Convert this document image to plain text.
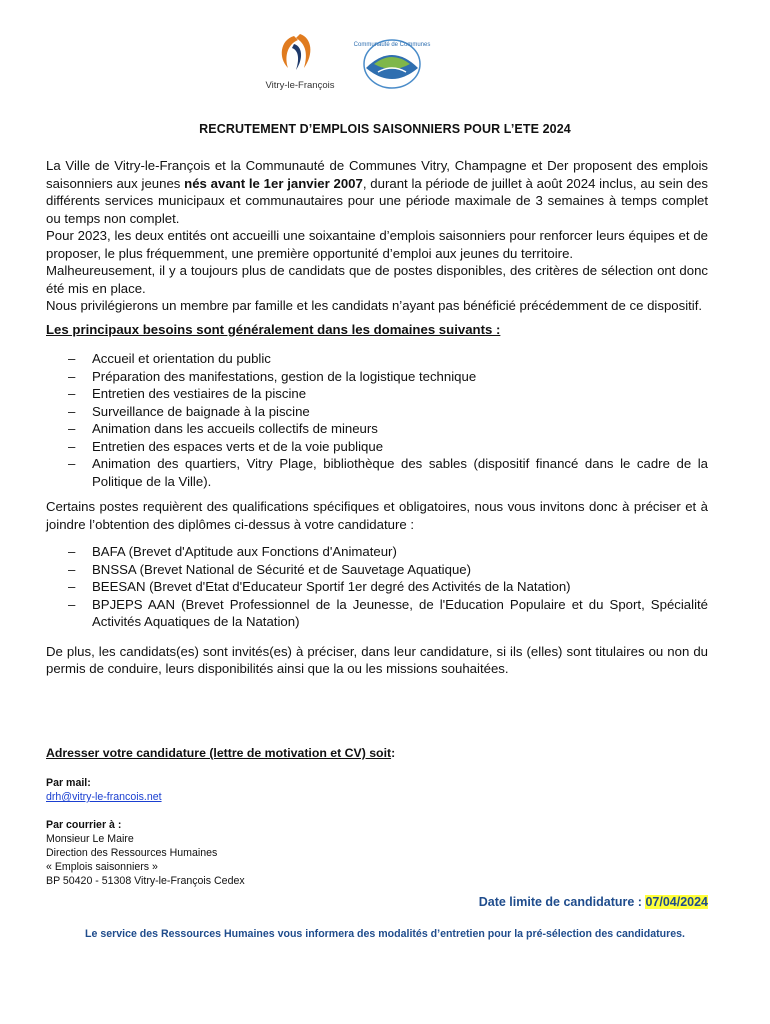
Vitry-le-François
Communauté de Communes
RECRUTEMENT D’EMPLOIS SAISONNIERS POUR L’ETE 2024

La Ville de Vitry-le-François et la Communauté de Communes Vitry, Champagne et Der proposent des emplois saisonniers aux jeunes nés avant le 1er janvier 2007, durant la période de juillet à août 2024 inclus, au sein des différents services municipaux et communautaires pour une période maximale de 3 semaines à temps complet ou temps non complet.

Pour 2023, les deux entités ont accueilli une soixantaine d’emplois saisonniers pour renforcer leurs équipes et de proposer, le plus fréquemment, une première opportunité d’emploi aux jeunes du territoire.

Malheureusement, il y a toujours plus de candidats que de postes disponibles, des critères de sélection ont donc été mis en place.

Nous privilégierons un membre par famille et les candidats n’ayant pas bénéficié précédemment de ce dispositif.

Les principaux besoins sont généralement dans les domaines suivants :

– Accueil et orientation du public
– Préparation des manifestations, gestion de la logistique technique
– Entretien des vestiaires de la piscine
– Surveillance de baignade à la piscine
– Animation dans les accueils collectifs de mineurs
– Entretien des espaces verts et de la voie publique
– Animation des quartiers, Vitry Plage, bibliothèque des sables (dispositif financé dans le cadre de la Politique de la Ville).

Certains postes requièrent des qualifications spécifiques et obligatoires, nous vous invitons donc à préciser et à joindre l’obtention des diplômes ci-dessus à votre candidature :

– BAFA (Brevet d'Aptitude aux Fonctions d'Animateur)
– BNSSA (Brevet National de Sécurité et de Sauvetage Aquatique)
– BEESAN (Brevet d'Etat d'Educateur Sportif 1er degré des Activités de la Natation)
– BPJEPS AAN (Brevet Professionnel de la Jeunesse, de l'Education Populaire et du Sport, Spécialité Activités Aquatiques de la Natation)

De plus, les candidats(es) sont invités(es) à préciser, dans leur candidature, si ils (elles) sont titulaires ou non du permis de conduire, leurs disponibilités ainsi que la ou les missions souhaitées.

Adresser votre candidature (lettre de motivation et CV) soit:
Par mail:
drh@vitry-le-francois.net
Par courrier à :
Monsieur Le Maire
Direction des Ressources Humaines
« Emplois saisonniers »
BP 50420 - 51308 Vitry-le-François Cedex
Date limite de candidature : 07/04/2024
Le service des Ressources Humaines vous informera des modalités d’entretien pour la pré-sélection des candidatures.
